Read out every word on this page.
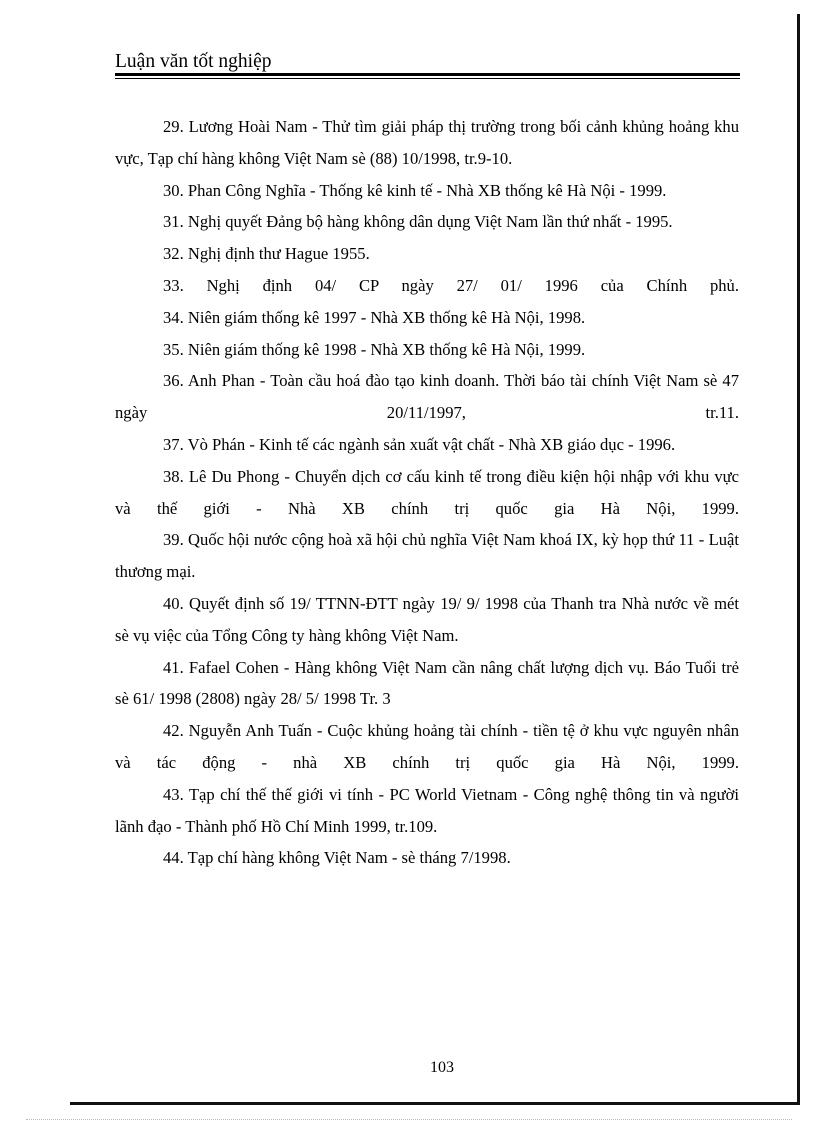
Luận văn tốt nghiệp

29. Lương Hoài Nam - Thử tìm giải pháp thị trường trong bối cảnh khủng hoảng khu vực, Tạp chí hàng không Việt Nam sè (88) 10/1998, tr.9-10.

30. Phan Công Nghĩa - Thống kê kinh tế - Nhà XB thống kê Hà Nội - 1999.

31. Nghị quyết Đảng bộ hàng không dân dụng Việt Nam lần thứ nhất - 1995.

32. Nghị định thư Hague 1955.

33. Nghị định 04/ CP ngày 27/ 01/ 1996 của Chính phủ.

34. Niên giám thống kê 1997 - Nhà XB thống kê Hà Nội, 1998.

35. Niên giám thống kê 1998 - Nhà XB thống kê Hà Nội, 1999.

36. Anh Phan - Toàn cầu hoá đào tạo kinh doanh. Thời báo tài chính Việt Nam sè 47 ngày 20/11/1997, tr.11.

37. Vò Phán - Kinh tế các ngành sản xuất vật chất - Nhà XB giáo dục - 1996.

38. Lê Du Phong - Chuyển dịch cơ cấu kinh tế trong điều kiện hội nhập với khu vực và thế giới - Nhà XB chính trị quốc gia Hà Nội, 1999.

39. Quốc hội nước cộng hoà xã hội chủ nghĩa Việt Nam khoá IX, kỳ họp thứ 11 - Luật thương mại.

40. Quyết định số 19/ TTNN-ĐTT ngày 19/ 9/ 1998 của Thanh tra Nhà nước về mét sè vụ việc của Tổng Công ty hàng không Việt Nam.

41. Fafael Cohen - Hàng không Việt Nam cần nâng chất lượng dịch vụ. Báo Tuổi trẻ sè 61/ 1998 (2808) ngày 28/ 5/ 1998 Tr. 3

42. Nguyễn Anh Tuấn - Cuộc khủng hoảng tài chính - tiền tệ ở khu vực nguyên nhân và tác động - nhà XB chính trị quốc gia Hà Nội, 1999.

43. Tạp chí thế thế giới vi tính - PC World Vietnam - Công nghệ thông tin và người lãnh đạo - Thành phố Hồ Chí Minh 1999, tr.109.

44. Tạp chí hàng không Việt Nam - sè tháng 7/1998.

103
